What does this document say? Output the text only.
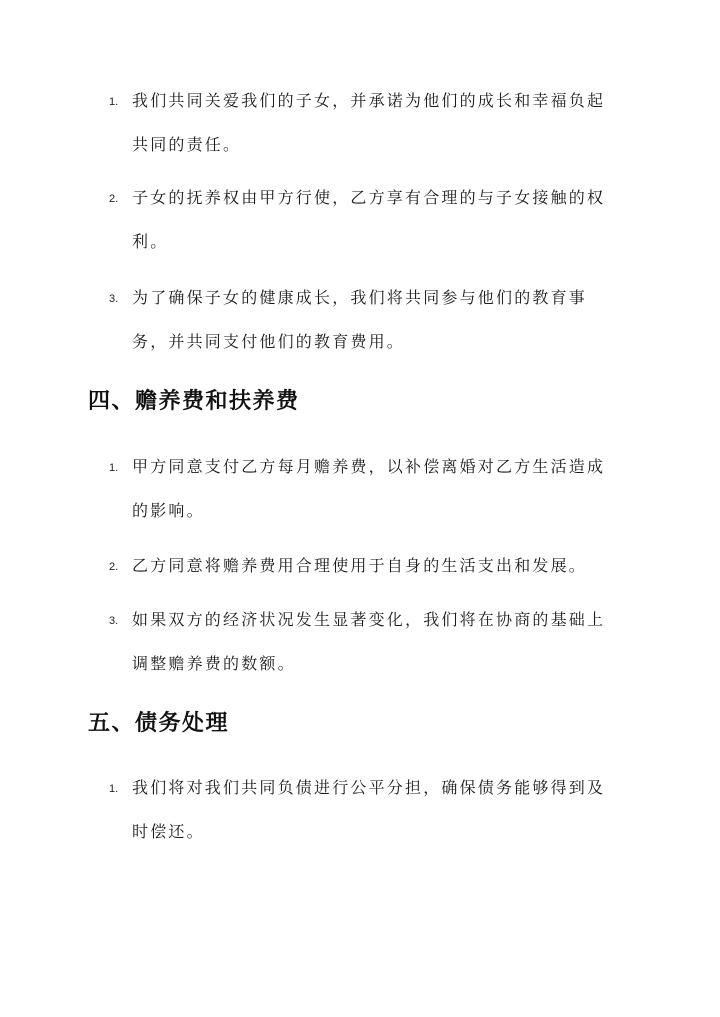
1. 我们共同关爱我们的子女，并承诺为他们的成长和幸福负起共同的责任。
2. 子女的抚养权由甲方行使，乙方享有合理的与子女接触的权利。
3. 为了确保子女的健康成长，我们将共同参与他们的教育事务，并共同支付他们的教育费用。
四、赡养费和扶养费
1. 甲方同意支付乙方每月赡养费，以补偿离婚对乙方生活造成的影响。
2. 乙方同意将赡养费用合理使用于自身的生活支出和发展。
3. 如果双方的经济状况发生显著变化，我们将在协商的基础上调整赡养费的数额。
五、债务处理
1. 我们将对我们共同负债进行公平分担，确保债务能够得到及时偿还。
